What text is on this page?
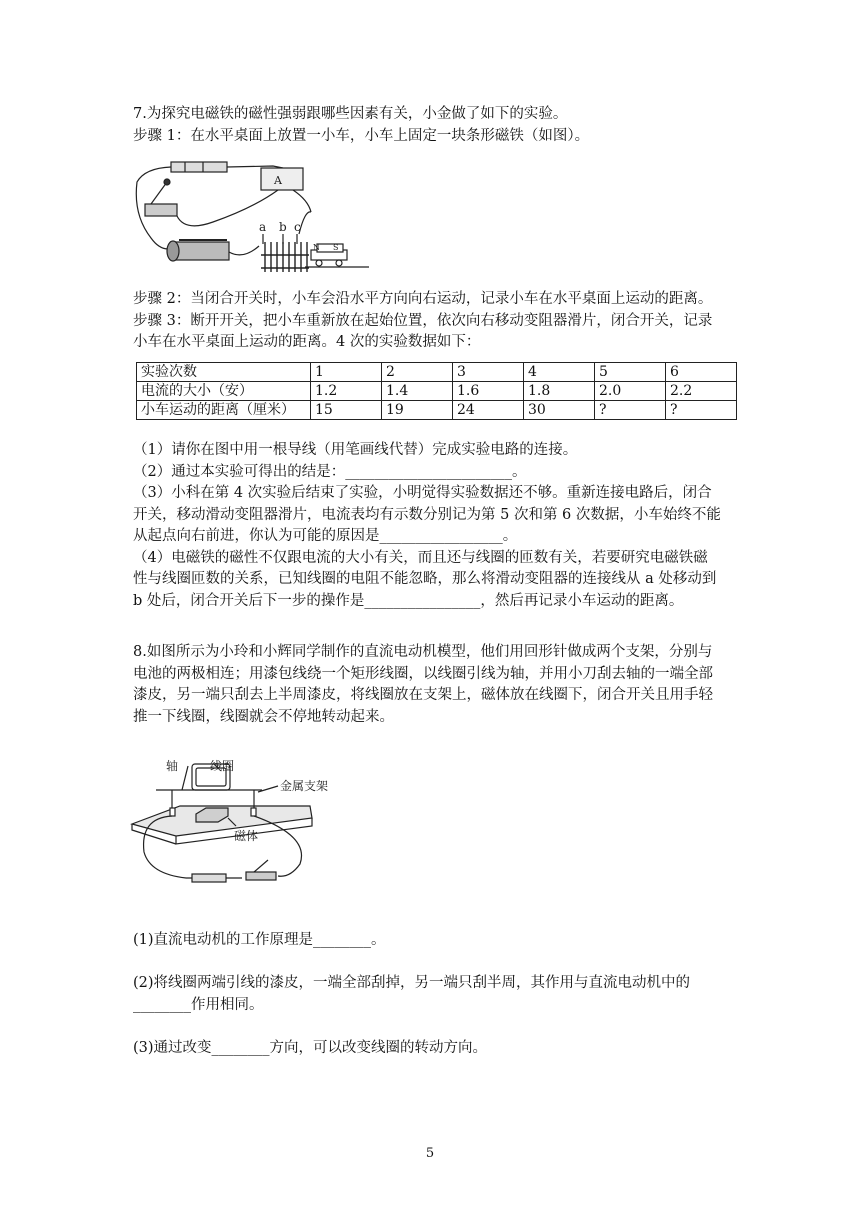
7.为探究电磁铁的磁性强弱跟哪些因素有关，小金做了如下的实验。

步骤 1：在水平桌面上放置一小车，小车上固定一块条形磁铁（如图）。

A
a b c
N S

步骤 2：当闭合开关时，小车会沿水平方向向右运动，记录小车在水平桌面上运动的距离。

步骤 3：断开开关，把小车重新放在起始位置，依次向右移动变阻器滑片，闭合开关，记录

小车在水平桌面上运动的距离。4 次的实验数据如下：

实验次数	1	2	3	4	5	6
电流的大小（安）	1.2	1.4	1.6	1.8	2.0	2.2
小车运动的距离（厘米）	15	19	24	30	?	?

（1）请你在图中用一根导线（用笔画线代替）完成实验电路的连接。

（2）通过本实验可得出的结是：_______________________。

（3）小科在第 4 次实验后结束了实验，小明觉得实验数据还不够。重新连接电路后，闭合

开关，移动滑动变阻器滑片，电流表均有示数分别记为第 5 次和第 6 次数据，小车始终不能

从起点向右前进，你认为可能的原因是_________________。

（4）电磁铁的磁性不仅跟电流的大小有关，而且还与线圈的匝数有关，若要研究电磁铁磁

性与线圈匝数的关系，已知线圈的电阻不能忽略，那么将滑动变阻器的连接线从 a 处移动到

b 处后，闭合开关后下一步的操作是________________，然后再记录小车运动的距离。

8.如图所示为小玲和小辉同学制作的直流电动机模型，他们用回形针做成两个支架，分别与

电池的两极相连；用漆包线绕一个矩形线圈，以线圈引线为轴，并用小刀刮去轴的一端全部

漆皮，另一端只刮去上半周漆皮，将线圈放在支架上，磁体放在线圈下，闭合开关且用手轻

推一下线圈，线圈就会不停地转动起来。

轴	线圈
金属支架
磁体

(1)直流电动机的工作原理是________。

(2)将线圈两端引线的漆皮，一端全部刮掉，另一端只刮半周，其作用与直流电动机中的

________作用相同。

(3)通过改变________方向，可以改变线圈的转动方向。

5
